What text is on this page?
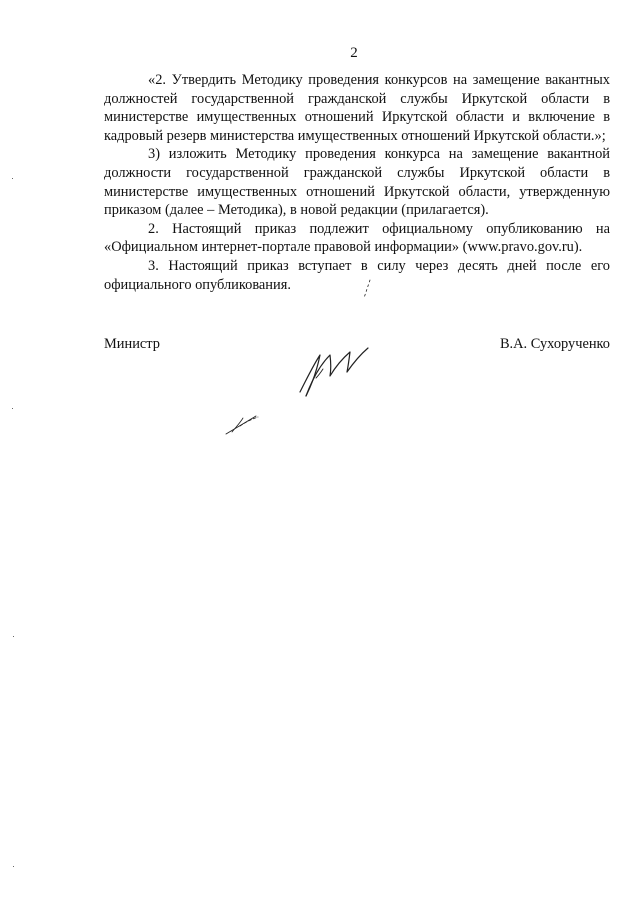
2

«2. Утвердить Методику проведения конкурсов на замещение вакантных должностей государственной гражданской службы Иркутской области в министерстве имущественных отношений Иркутской области и включение в кадровый резерв министерства имущественных отношений Иркутской области.»;

3) изложить Методику проведения конкурса на замещение вакантной должности государственной гражданской службы Иркутской области в министерстве имущественных отношений Иркутской области, утвержденную приказом (далее – Методика), в новой редакции (прилагается).

2. Настоящий приказ подлежит официальному опубликованию на «Официальном интернет-портале правовой информации» (www.pravo.gov.ru).

3. Настоящий приказ вступает в силу через десять дней после его официального опубликования.

Министр	В.А. Сухорученко
